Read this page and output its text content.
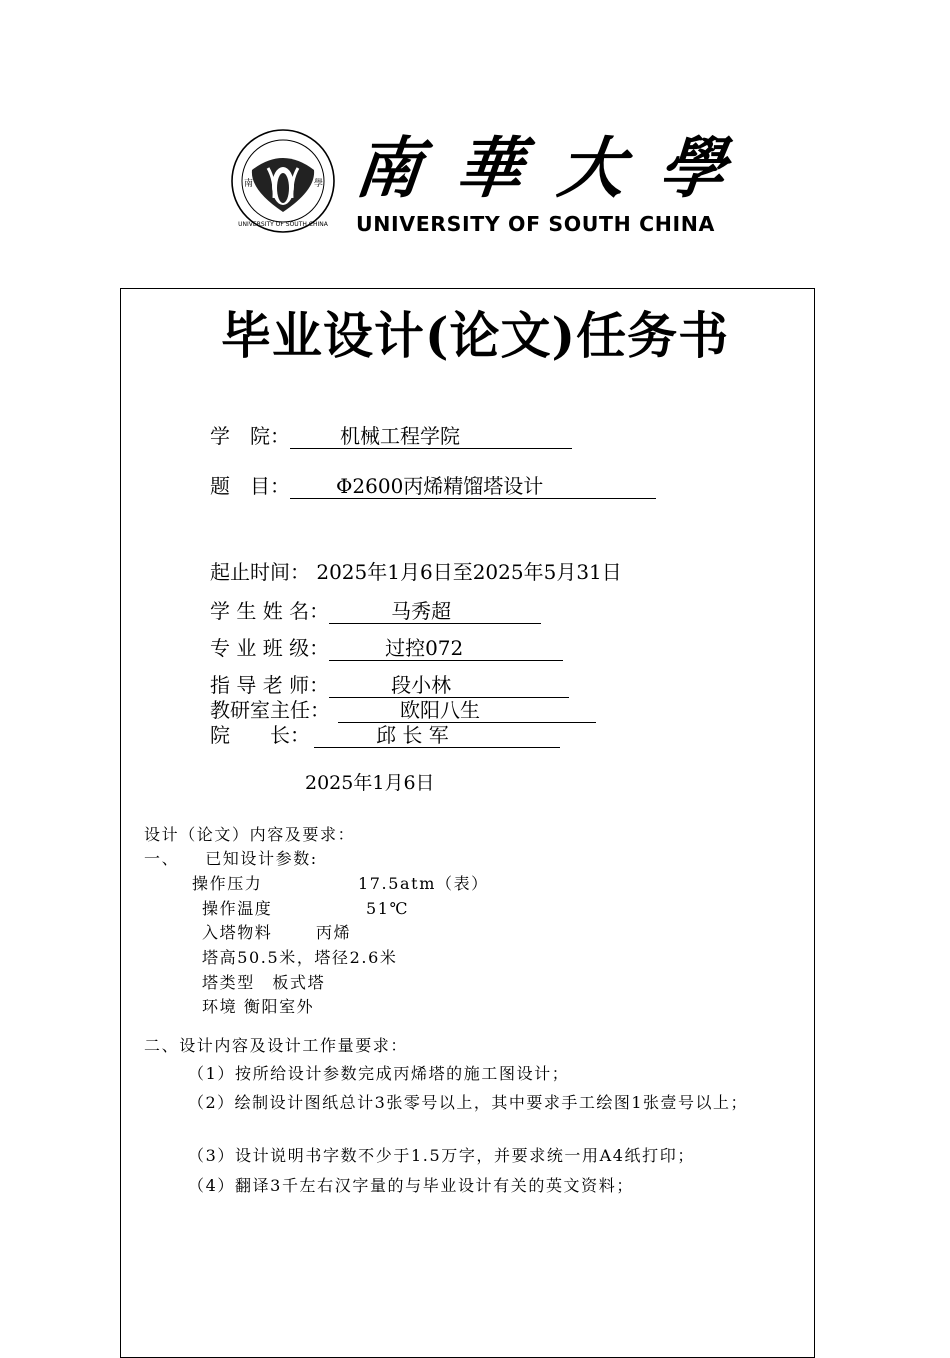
UNIVERSITY OF SOUTH CHINA
南	學 南 華 大 學
UNIVERSITY OF SOUTH CHINA
毕业设计(论文)任务书
学　院：	机械工程学院
题　目： Φ2600丙烯精馏塔设计
起止时间： 2025年1月6日至2025年5月31日
学 生 姓 名：	马秀超
专 业 班 级：	过控072
指 导 老 师：	段小林
教研室主任：	欧阳八生
院　　长：	邱 长 军
2025年1月6日
设计（论文）内容及要求：
一、 已知设计参数:
操作压力	17.5atm（表）
操作温度	51℃
入塔物料	丙烯
塔高50.5米，塔径2.6米
塔类型　板式塔
环境 衡阳室外
二、设计内容及设计工作量要求：
（1）按所给设计参数完成丙烯塔的施工图设计；
（2）绘制设计图纸总计3张零号以上，其中要求手工绘图1张壹号以上；
（3）设计说明书字数不少于1.5万字，并要求统一用A4纸打印；
（4）翻译3千左右汉字量的与毕业设计有关的英文资料；
